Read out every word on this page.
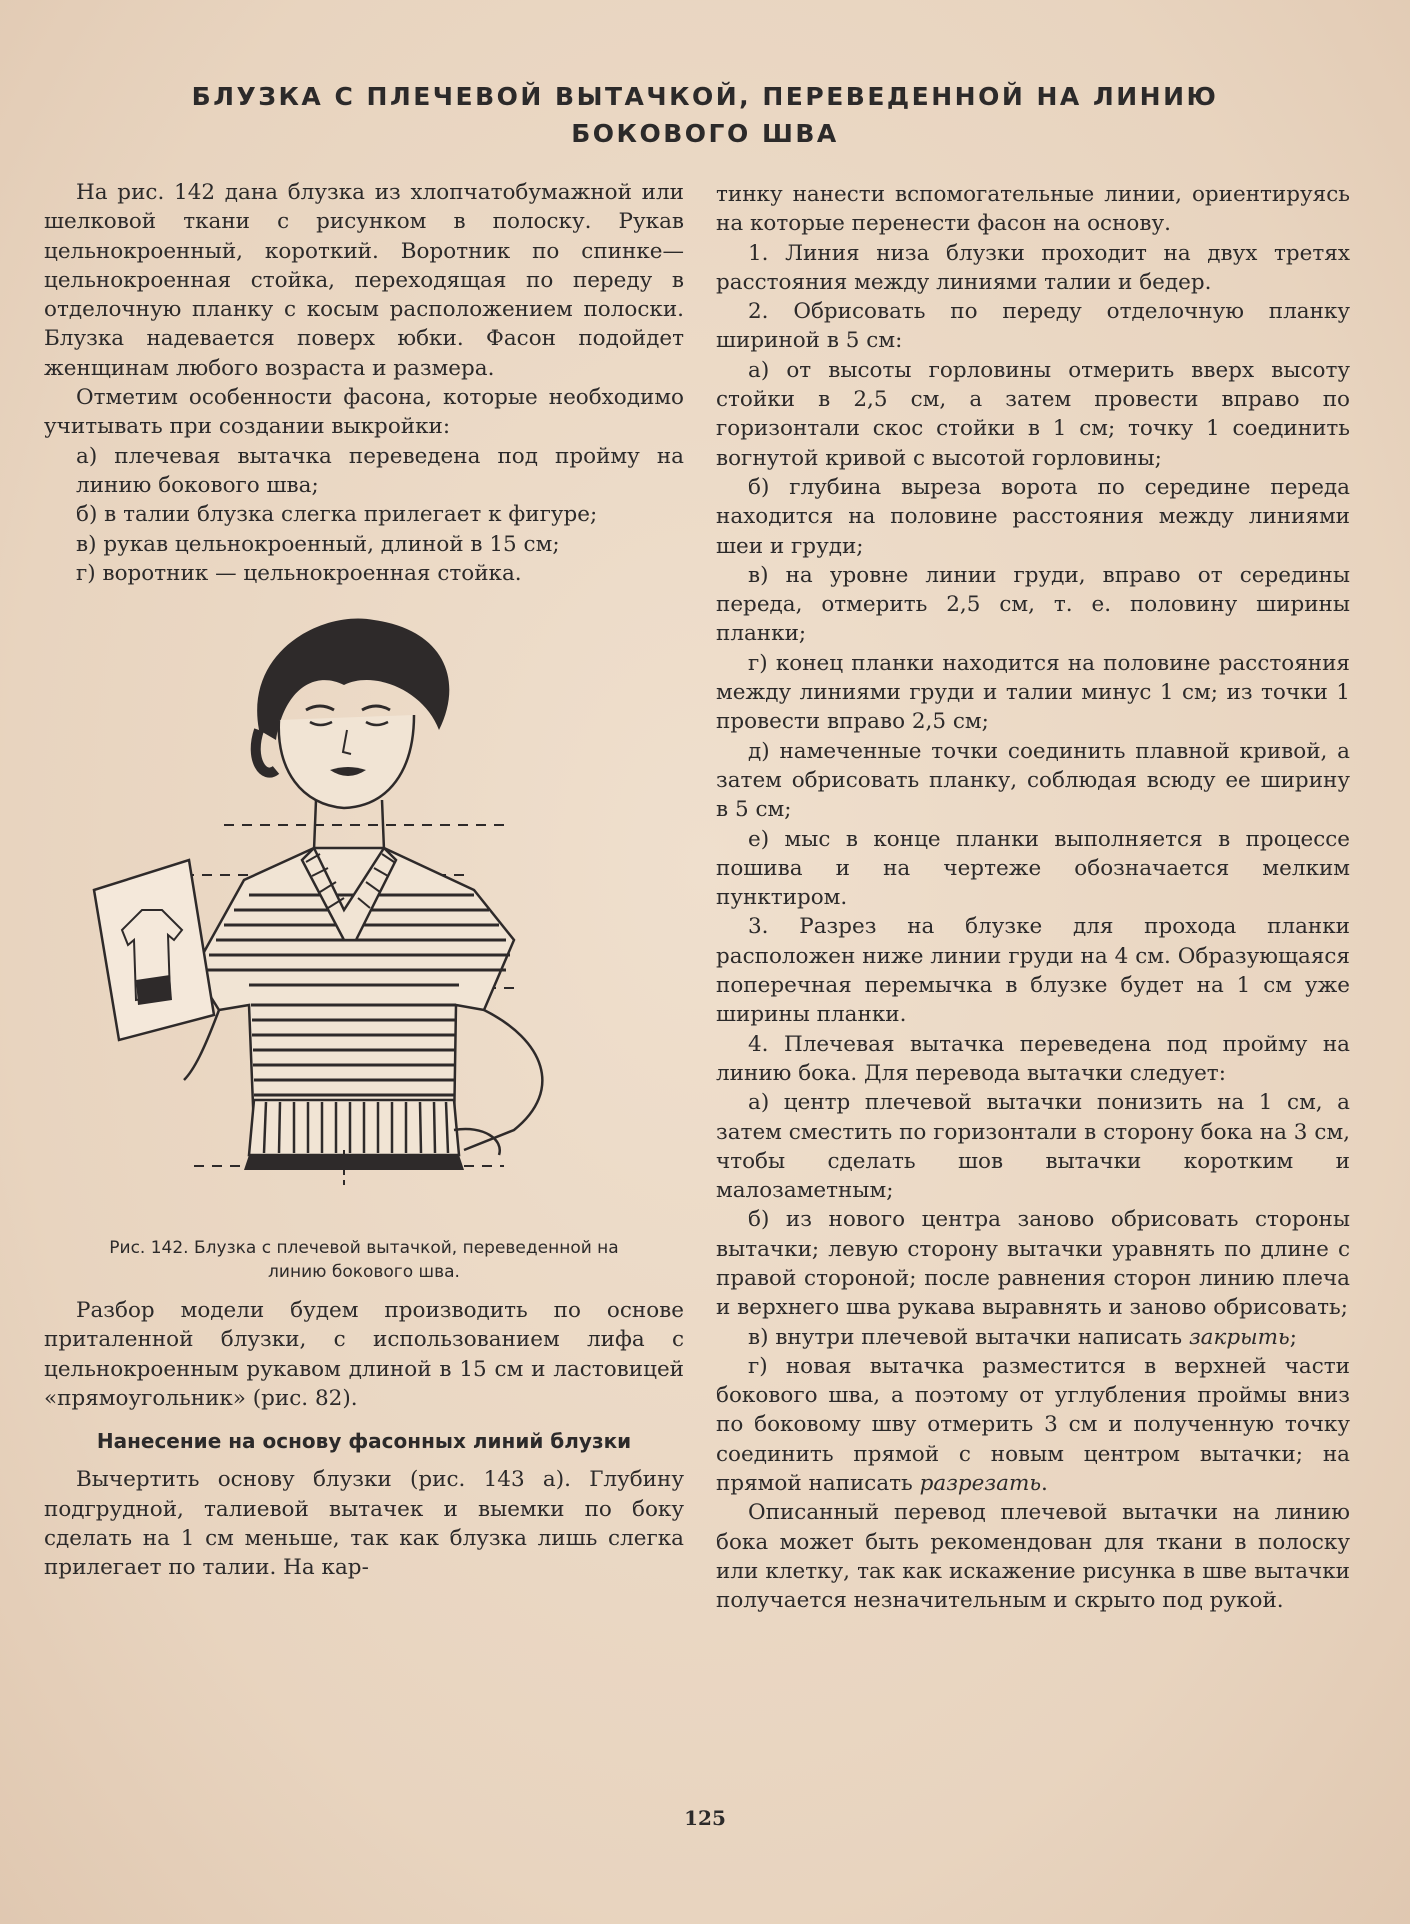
БЛУЗКА С ПЛЕЧЕВОЙ ВЫТАЧКОЙ, ПЕРЕВЕДЕННОЙ НА ЛИНИЮ
БОКОВОГО ШВА

На рис. 142 дана блузка из хлопчатобумажной или шелковой ткани с рисунком в полоску. Рукав цельнокроенный, короткий. Воротник по спинке—цельнокроенная стойка, переходящая по переду в отделочную планку с косым расположением полоски. Блузка надевается поверх юбки. Фасон подойдет женщинам любого возраста и размера.

Отметим особенности фасона, которые необходимо учитывать при создании выкройки:

а) плечевая вытачка переведена под пройму на линию бокового шва;

б) в талии блузка слегка прилегает к фигуре;

в) рукав цельнокроенный, длиной в 15 см;

г) воротник — цельнокроенная стойка.

Рис. 142. Блузка с плечевой вытачкой, переведенной на линию бокового шва.

Разбор модели будем производить по основе приталенной блузки, с использованием лифа с цельнокроенным рукавом длиной в 15 см и ластовицей «прямоугольник» (рис. 82).

Нанесение на основу фасонных линий блузки

Вычертить основу блузки (рис. 143 а). Глубину подгрудной, талиевой вытачек и выемки по боку сделать на 1 см меньше, так как блузка лишь слегка прилегает по талии. На кар-

тинку нанести вспомогательные линии, ориентируясь на которые перенести фасон на основу.

1. Линия низа блузки проходит на двух третях расстояния между линиями талии и бедер.

2. Обрисовать по переду отделочную планку шириной в 5 см:

а) от высоты горловины отмерить вверх высоту стойки в 2,5 см, а затем провести вправо по горизонтали скос стойки в 1 см; точку 1 соединить вогнутой кривой с высотой горловины;

б) глубина выреза ворота по середине переда находится на половине расстояния между линиями шеи и груди;

в) на уровне линии груди, вправо от середины переда, отмерить 2,5 см, т. е. половину ширины планки;

г) конец планки находится на половине расстояния между линиями груди и талии минус 1 см; из точки 1 провести вправо 2,5 см;

д) намеченные точки соединить плавной кривой, а затем обрисовать планку, соблюдая всюду ее ширину в 5 см;

е) мыс в конце планки выполняется в процессе пошива и на чертеже обозначается мелким пунктиром.

3. Разрез на блузке для прохода планки расположен ниже линии груди на 4 см. Образующаяся поперечная перемычка в блузке будет на 1 см уже ширины планки.

4. Плечевая вытачка переведена под пройму на линию бока. Для перевода вытачки следует:

а) центр плечевой вытачки понизить на 1 см, а затем сместить по горизонтали в сторону бока на 3 см, чтобы сделать шов вытачки коротким и малозаметным;

б) из нового центра заново обрисовать стороны вытачки; левую сторону вытачки уравнять по длине с правой стороной; после равнения сторон линию плеча и верхнего шва рукава выравнять и заново обрисовать;

в) внутри плечевой вытачки написать закрыть;

г) новая вытачка разместится в верхней части бокового шва, а поэтому от углубления проймы вниз по боковому шву отмерить 3 см и полученную точку соединить прямой с новым центром вытачки; на прямой написать разрезать.

Описанный перевод плечевой вытачки на линию бока может быть рекомендован для ткани в полоску или клетку, так как искажение рисунка в шве вытачки получается незначительным и скрыто под рукой.

125
